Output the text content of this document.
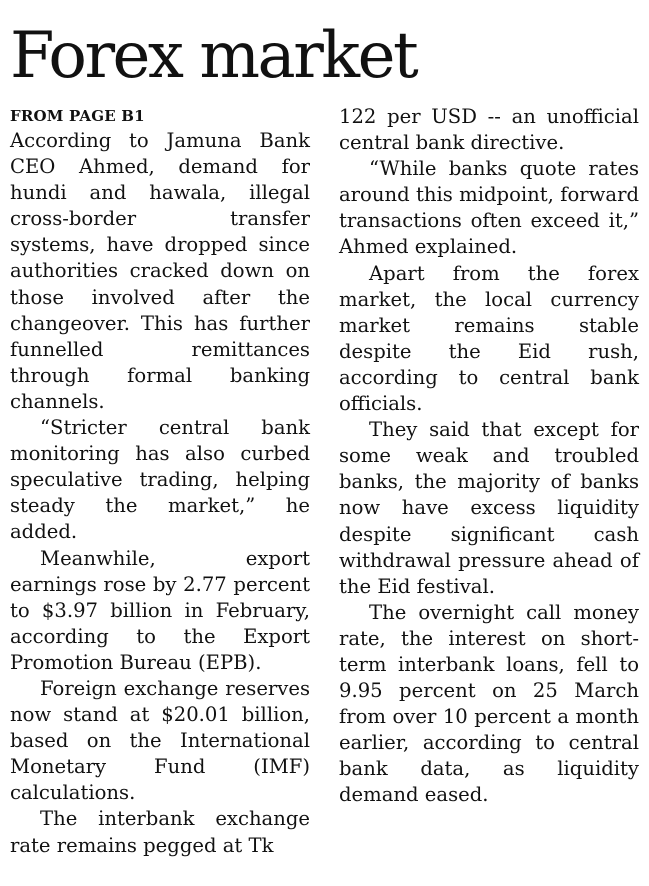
Forex market
FROM PAGE B1

According to Jamuna Bank CEO Ahmed, demand for hundi and hawala, illegal cross-border transfer systems, have dropped since authorities cracked down on those involved after the changeover. This has further funnelled remittances through formal banking channels.

“Stricter central bank monitoring has also curbed speculative trading, helping steady the market,” he added.

Meanwhile, export earnings rose by 2.77 percent to $3.97 billion in February, according to the Export Promotion Bureau (EPB).

Foreign exchange reserves now stand at $20.01 billion, based on the International Monetary Fund (IMF) calculations.

The interbank exchange rate remains pegged at Tk

122 per USD -- an unofficial central bank directive.

“While banks quote rates around this midpoint, forward transactions often exceed it,” Ahmed explained.

Apart from the forex market, the local currency market remains stable despite the Eid rush, according to central bank officials.

They said that except for some weak and troubled banks, the majority of banks now have excess liquidity despite significant cash withdrawal pressure ahead of the Eid festival.

The overnight call money rate, the interest on short-term interbank loans, fell to 9.95 percent on 25 March from over 10 percent a month earlier, according to central bank data, as liquidity demand eased.
